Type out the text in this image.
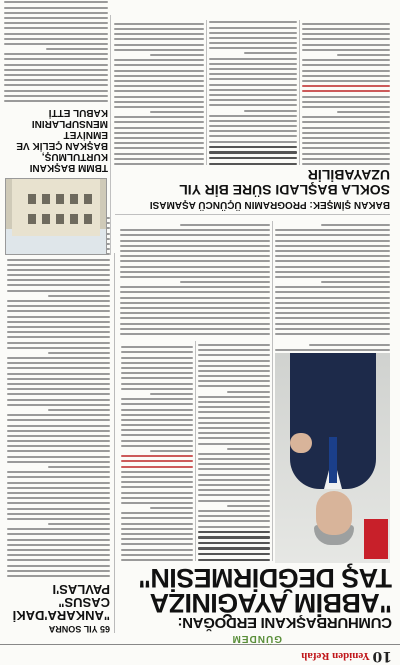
10
Yeniden Refah
GÜNDEM
CUMHURBAŞKANI ERDOĞAN:
"ABBİM AYAĞINIZA TAŞ DEĞDİRMESİN"
65 YIL SONRA
"ANKARA'DAKİ CASUS" PAVLAS'I
BAKAN ŞİMŞEK: PROGRAMIN ÜÇÜNCÜ AŞAMASI
SOKLA BAŞLADI SÜRE BİR YIL UZAYABİLİR
TBMM BAŞKANI KURTULMUŞ, BAŞKAN ÇELİK VE EMNİYET MENSUPLARINI KABUL ETTİ
